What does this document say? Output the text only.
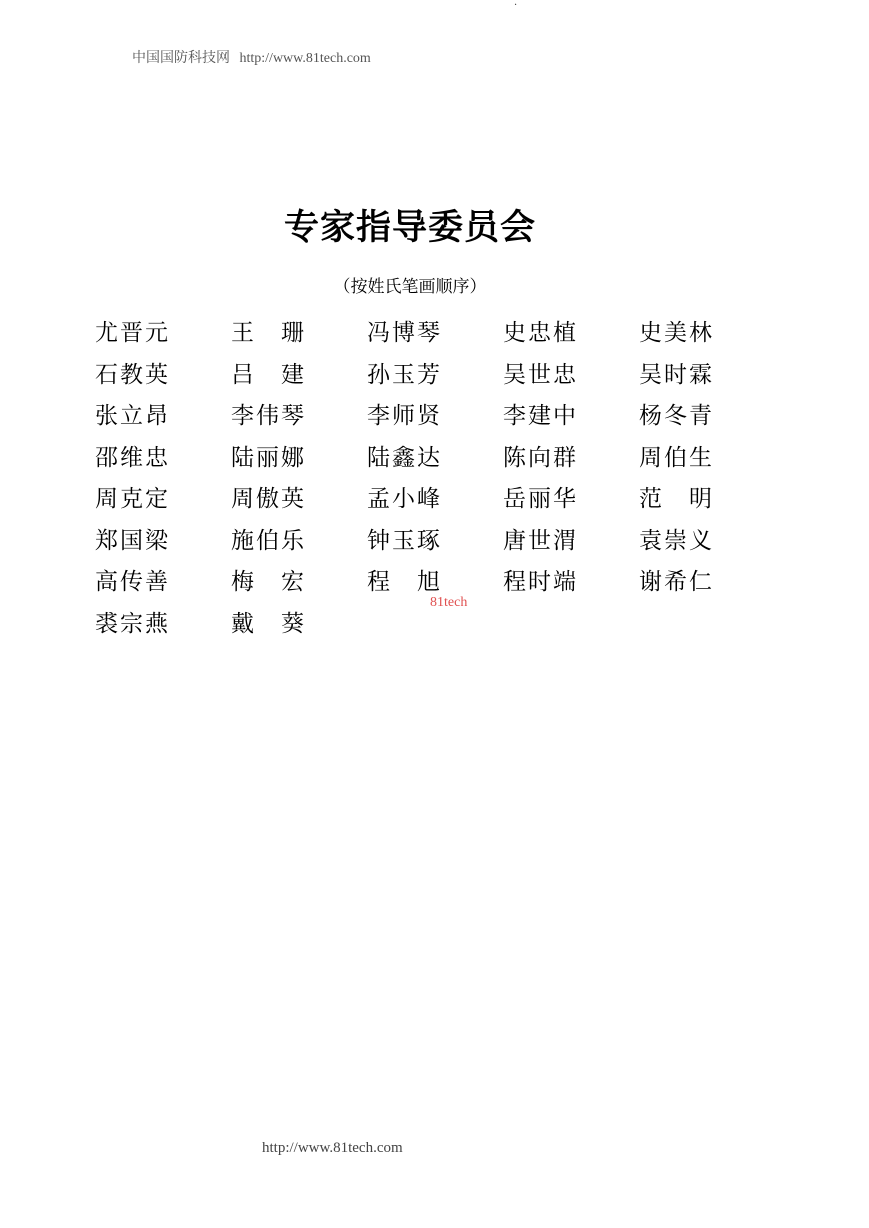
·
中国国防科技网 http://www.81tech.com
专家指导委员会
（按姓氏笔画顺序）
尤晋元	王　珊	冯博琴	史忠植	史美林
石教英	吕　建	孙玉芳	吴世忠	吴时霖
张立昂	李伟琴	李师贤	李建中	杨冬青
邵维忠	陆丽娜	陆鑫达	陈向群	周伯生
周克定	周傲英	孟小峰	岳丽华	范　明
郑国梁	施伯乐	钟玉琢	唐世渭	袁崇义
高传善	梅　宏	程　旭	程时端	谢希仁
裘宗燕	戴　葵
81tech
http://www.81tech.com
